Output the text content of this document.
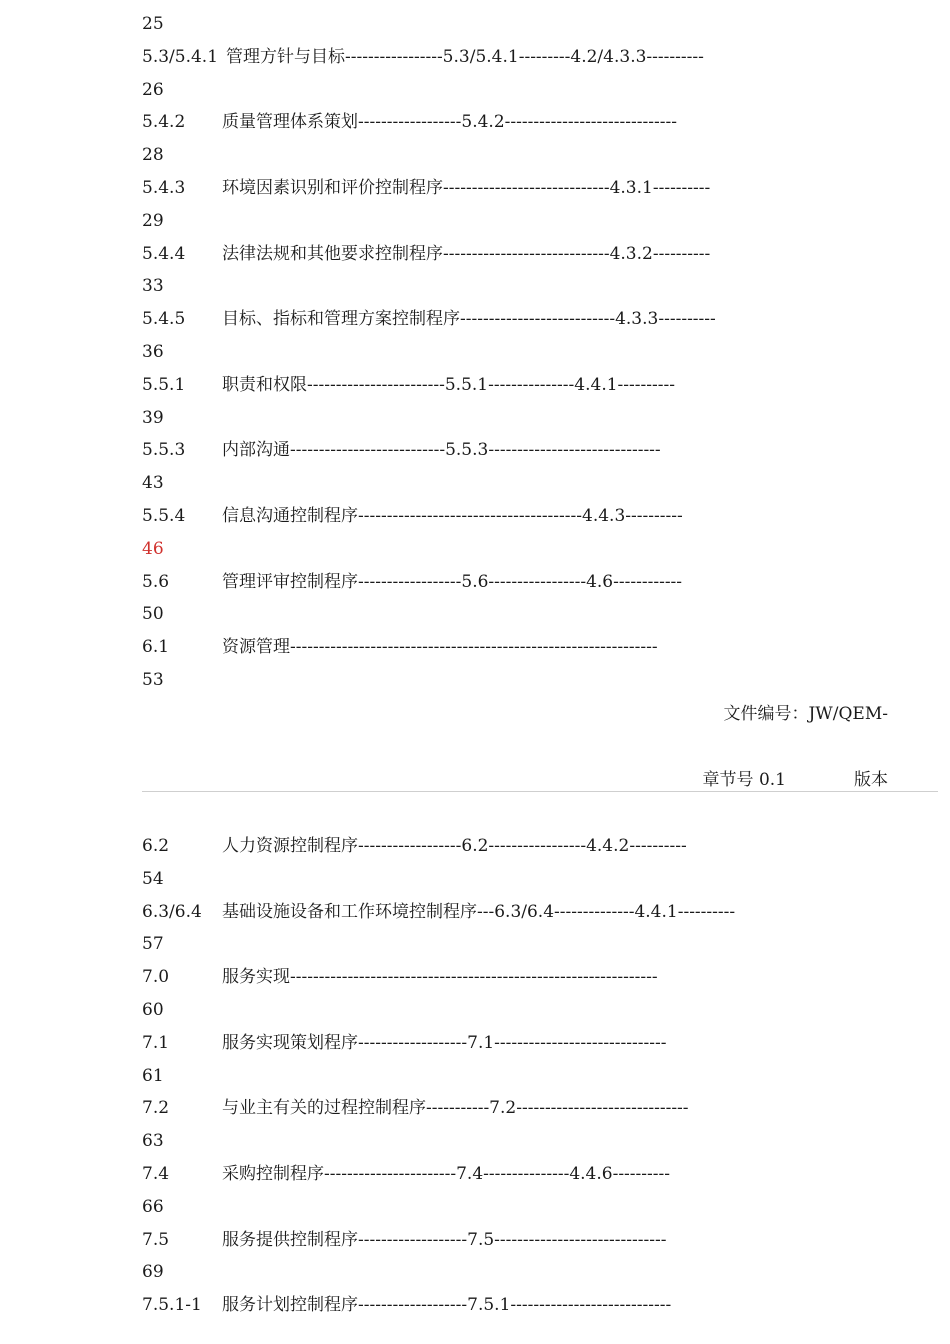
25
5.3/5.4.1 管理方针与目标-----------------5.3/5.4.1---------4.2/4.3.3----------
26
5.4.2 质量管理体系策划------------------5.4.2------------------------------
28
5.4.3 环境因素识别和评价控制程序-----------------------------4.3.1----------
29
5.4.4 法律法规和其他要求控制程序-----------------------------4.3.2----------
33
5.4.5 目标、指标和管理方案控制程序---------------------------4.3.3----------
36
5.5.1 职责和权限------------------------5.5.1---------------4.4.1----------
39
5.5.3 内部沟通---------------------------5.5.3------------------------------
43
5.5.4 信息沟通控制程序---------------------------------------4.4.3----------
46
5.6	管理评审控制程序------------------5.6-----------------4.6------------
50
6.1	资源管理----------------------------------------------------------------
53
6.2	人力资源控制程序------------------6.2-----------------4.4.2----------
54
6.3/6.4 基础设施设备和工作环境控制程序---6.3/6.4--------------4.4.1----------
57
7.0	服务实现----------------------------------------------------------------
60
7.1	服务实现策划程序-------------------7.1------------------------------
61
7.2	与业主有关的过程控制程序-----------7.2------------------------------
63
7.4	采购控制程序-----------------------7.4---------------4.4.6----------
66
7.5	服务提供控制程序-------------------7.5------------------------------
69
7.5.1-1 服务计划控制程序-------------------7.5.1----------------------------

文件编号：JW/QEM-

章节号 0.1　　　　版本
